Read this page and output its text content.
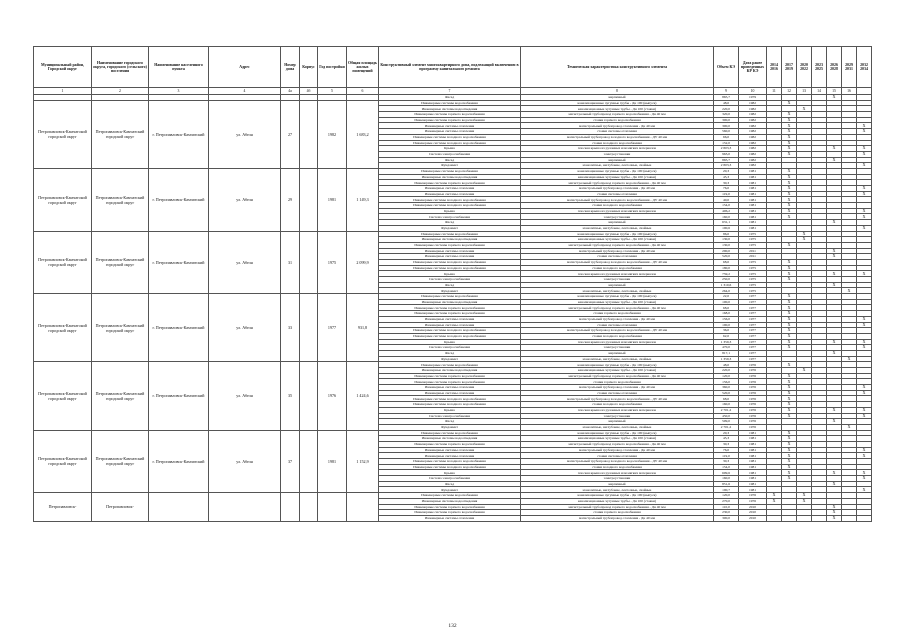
Муниципальный район, Городской округ	Наименование городского округа, городского (сельского) поселения	Наименование населенного пункта	Адрес	Номер дома	Корпус	Год постройки	Общая площадь жилых помещений	Конструктивный элемент многоквартирного дома, подлежащий включению в программу капитального ремонта	Техническая характеристика конструктивного элемента	Объем КЭ	Дата ранее проведенных КР КЭ	2014 2016	2017 2019	2020 2022	2023 2025	2026 2028	2029 2031	2032 2034
1	2	3	4	4а	4б	5	6	7	8	9	10	11	12	13	14	15	16	
								Фасад	кирпичный	865,7	1979					Х		
Петропавловск-Камчатский городской округ	Петропавловск-Камчатский городской округ	г. Петропавловск-Камчатский	ул. Абеля	27		1982	1 683,2	Инженерные системы водоснабжения	канализационные чугунные трубы - Дн 100 (выпуск)	48,0	1982		Х					
								Инженерные системы водоотведения	канализационные чугунные трубы - Дн 100 (стояки)	220,0	1982			Х				
								Инженерные системы горячего водоснабжения	магистральный трубопровод горячего водоснабжения - Дн 40 мм	320,0	1982		Х					
								Инженерные системы горячего водоснабжения	стояки горячего водоснабжения	300,0	1982		Х					
								Инженерные системы отопления	магистральный трубопровод отопления - Дн 40 мм	300,0	1982		Х					Х
								Инженерные системы отопления	стояки системы отопления	560,0	1982		Х					Х
								Инженерные системы холодного водоснабжения	магистральный трубопровод холодного водоснабжения - ДУ 40 мм	66,0	1982		Х					
								Инженерные системы холодного водоснабжения	стояки холодного водоснабжения	152,0	1982		Х					
								Крыша	плоская крыша из рулонных или мягких материалов	2 803,3	1982		Х			Х		Х
								Система электроснабжения	электроустановки	963,0	1982		Х					Х
								Фасад	кирпичный	865,7	1982					Х		
								Фундамент	монолитные, неглубокие, ленточные, свайные	2 803,3	1982							Х
Петропавловск-Камчатский городской округ	Петропавловск-Камчатский городской округ	г. Петропавловск-Камчатский	ул. Абеля	29		1981	1 149,3	Инженерные системы водоснабжения	канализационные чугунные трубы - Дн 100 (выпуск)	20,3	1981		Х					
								Инженерные системы водоотведения	канализационные чугунные трубы - Дн 100 (стояки)	45,3	1981		Х					
								Инженерные системы горячего водоснабжения	магистральный трубопровод горячего водоснабжения - Дн 40 мм	30,3	1981		Х					
								Инженерные системы отопления	магистральный трубопровод отопления - Дн 40 мм	76,0	1981		Х					Х
								Инженерные системы отопления	стояки системы отопления	119,0	1981		Х					Х
								Инженерные системы холодного водоснабжения	магистральный трубопровод холодного водоснабжения - ДУ 40 мм	40,0	1981		Х					
								Инженерные системы холодного водоснабжения	стояки холодного водоснабжения	154,0	1981		Х					
								Крыша	плоская крыша из рулонных или мягких материалов	406,2	1981		Х					Х
								Система электроснабжения	электроустановки	160,0	1981		Х					Х
								Фасад	кирпичный	631,1	1981					Х		
								Фундамент	монолитные, неглубокие, ленточные, свайные	190,6	1981							Х
Петропавловск-Камчатский городской округ	Петропавловск-Камчатский городской округ	г. Петропавловск-Камчатский	ул. Абеля	31		1975	2 099,9	Инженерные системы водоснабжения	канализационные чугунные трубы - Дн 100 (выпуск)	86,0	1975			Х				
								Инженерные системы водоотведения	канализационные чугунные трубы - Дн 100 (стояки)	130,0	1975			Х				
								Инженерные системы горячего водоснабжения	магистральный трубопровод горячего водоснабжения - Дн 40 мм	130,0	1975		Х					
								Инженерные системы отопления	магистральный трубопровод отопления - Дн 40 мм	290,0	2011					Х		
								Инженерные системы отопления	стояки системы отопления	520,0	2011					Х		
								Инженерные системы холодного водоснабжения	магистральный трубопровод холодного водоснабжения - ДУ 40 мм	68,0	1975		Х					
								Инженерные системы холодного водоснабжения	стояки холодного водоснабжения	180,0	1975		Х					
								Крыша	плоская крыша из рулонных или мягких материалов	759,2	1975		Х			Х		Х
								Система электроснабжения	электроустановки	250,0	1975		Х					
								Фасад	кирпичный	1 310,6	1975					Х		
								Фундамент	монолитные, неглубокие, ленточные, свайные	264,0	1975						Х	
Петропавловск-Камчатский городской округ	Петропавловск-Камчатский городской округ	г. Петропавловск-Камчатский	ул. Абеля	33		1977	931,8	Инженерные системы водоснабжения	канализационные чугунные трубы - Дн 100 (выпуск)	22,0	1977		Х					
								Инженерные системы водоотведения	канализационные чугунные трубы - Дн 100 (стояки)	100,0	1977		Х					
								Инженерные системы горячего водоснабжения	магистральный трубопровод горячего водоснабжения - Дн 40 мм	68,0	1977		Х					
								Инженерные системы горячего водоснабжения	стояки горячего водоснабжения	168,0	1977		Х					
								Инженерные системы отопления	магистральный трубопровод отопления - Дн 40 мм	156,0	1977		Х					Х
								Инженерные системы отопления	стояки системы отопления	190,0	1977		Х					Х
								Инженерные системы холодного водоснабжения	магистральный трубопровод холодного водоснабжения - ДУ 40 мм	36,0	1977		Х					
								Инженерные системы холодного водоснабжения	стояки холодного водоснабжения	62,0	1977		Х					
								Крыша	плоская крыша из рулонных или мягких материалов	1 359,3	1977		Х			Х		Х
								Система электроснабжения	электроустановки	470,0	1977		Х					Х
								Фасад	кирпичный	817,1	1977					Х		
								Фундамент	монолитные, неглубокие, ленточные, свайные	1 359,3	1977						Х	
Петропавловск-Камчатский городской округ	Петропавловск-Камчатский городской округ	г. Петропавловск-Камчатский	ул. Абеля	35		1976	1 424,6	Инженерные системы водоснабжения	канализационные чугунные трубы - Дн 100 (выпуск)	48,0	1976		Х					
								Инженерные системы водоотведения	канализационные чугунные трубы - Дн 100 (стояки)	220,0	1976			Х				
								Инженерные системы горячего водоснабжения	магистральный трубопровод горячего водоснабжения - Дн 40 мм	120,0	1976		Х					
								Инженерные системы горячего водоснабжения	стояки горячего водоснабжения	156,0	1976		Х					
								Инженерные системы отопления	магистральный трубопровод отопления - Дн 40 мм	360,0	1976		Х					Х
								Инженерные системы отопления	стояки системы отопления	520,0	1976		Х					Х
								Инженерные системы холодного водоснабжения	магистральный трубопровод холодного водоснабжения - ДУ 40 мм	68,0	1976		Х					
								Инженерные системы холодного водоснабжения	стояки холодного водоснабжения	160,0	1976		Х					
								Крыша	плоская крыша из рулонных или мягких материалов	2 701,2	1976		Х			Х		Х
								Система электроснабжения	электроустановки	450,0	1976		Х					Х
								Фасад	кирпичный	509,0	1976					Х		
								Фундамент	монолитные, неглубокие, ленточные, свайные	2 701,2	1976						Х	
Петропавловск-Камчатский городской округ	Петропавловск-Камчатский городской округ	г. Петропавловск-Камчатский	ул. Абеля	37		1981	1 152,9	Инженерные системы водоснабжения	канализационные чугунные трубы - Дн 100 (выпуск)	20,3	1981		Х					
								Инженерные системы водоотведения	канализационные чугунные трубы - Дн 100 (стояки)	45,3	1981		Х					
								Инженерные системы горячего водоснабжения	магистральный трубопровод горячего водоснабжения - Дн 40 мм	30,3	1981		Х					
								Инженерные системы отопления	магистральный трубопровод отопления - Дн 40 мм	76,0	1981		Х					Х
								Инженерные системы отопления	стояки системы отопления	119,0	1981		Х					Х
								Инженерные системы холодного водоснабжения	магистральный трубопровод холодного водоснабжения - ДУ 40 мм	30,3	1981		Х					
								Инженерные системы холодного водоснабжения	стояки холодного водоснабжения	154,0	1981		Х					
								Крыша	плоская крыша из рулонных или мягких материалов	609,6	1981		Х			Х		Х
								Система электроснабжения	электроустановки	160,0	1981		Х					Х
								Фасад	кирпичный	851,6	1981					Х		
								Фундамент	монолитные, неглубокие, ленточные, свайные	190,7	1981							Х
Петропавловск-	Петропавловск-							Инженерные системы водоснабжения	канализационные чугунные трубы - Дн 100 (выпуск)	120,0	1976	Х		Х				
								Инженерные системы водоотведения	канализационные чугунные трубы - Дн 100 (стояки)	270,0	1976	Х		Х				
								Инженерные системы горячего водоснабжения	магистральный трубопровод горячего водоснабжения - Дн 40 мм	110,0	2010					Х		
								Инженерные системы горячего водоснабжения	стояки горячего водоснабжения	230,0	2010					Х		
								Инженерные системы отопления	магистральный трубопровод отопления - Дн 40 мм	300,0	2010					Х		
132
